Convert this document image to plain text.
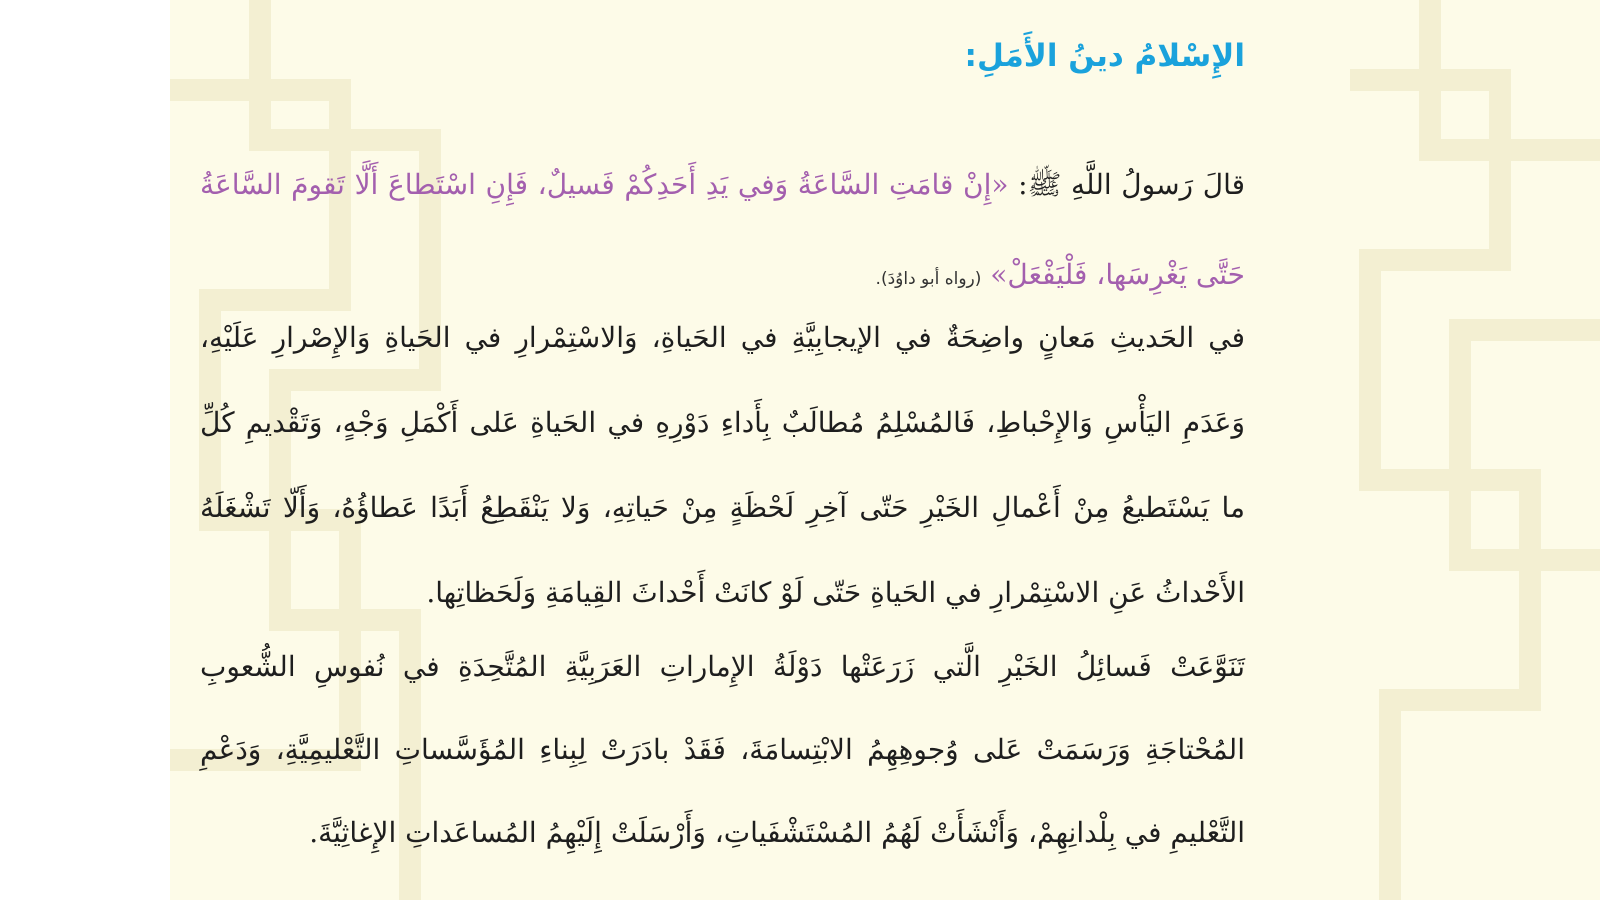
الإِسْلامُ دينُ الأَمَلِ:

قالَ رَسولُ اللَّهِ ﷺ: «إِنْ قامَتِ السَّاعَةُ وَفي يَدِ أَحَدِكُمْ فَسيلٌ، فَإِنِ اسْتَطاعَ أَلَّا تَقومَ السَّاعَةُ حَتَّى يَغْرِسَها، فَلْيَفْعَلْ» (رواه أبو داوُدَ).

في الحَديثِ مَعانٍ واضِحَةٌ في الإيجابِيَّةِ في الحَياةِ، وَالاسْتِمْرارِ في الحَياةِ وَالإِصْرارِ عَلَيْهِ، وَعَدَمِ اليَأْسِ وَالإِحْباطِ، فَالمُسْلِمُ مُطالَبٌ بِأَداءِ دَوْرِهِ في الحَياةِ عَلى أَكْمَلِ وَجْهٍ، وَتَقْديمِ كُلِّ ما يَسْتَطيعُ مِنْ أَعْمالِ الخَيْرِ حَتّى آخِرِ لَحْظَةٍ مِنْ حَياتِهِ، وَلا يَنْقَطِعُ أَبَدًا عَطاؤُهُ، وَأَلّا تَشْغَلَهُ الأَحْداثُ عَنِ الاسْتِمْرارِ في الحَياةِ حَتّى لَوْ كانَتْ أَحْداثَ القِيامَةِ وَلَحَظاتِها.

تَنَوَّعَتْ فَسائِلُ الخَيْرِ الَّتي زَرَعَتْها دَوْلَةُ الإِماراتِ العَرَبِيَّةِ المُتَّحِدَةِ في نُفوسِ الشُّعوبِ المُحْتاجَةِ وَرَسَمَتْ عَلى وُجوهِهِمُ الابْتِسامَةَ، فَقَدْ بادَرَتْ لِبِناءِ المُؤَسَّساتِ التَّعْليمِيَّةِ، وَدَعْمِ التَّعْليمِ في بِلْدانِهِمْ، وَأَنْشَأَتْ لَهُمُ المُسْتَشْفَياتِ، وَأَرْسَلَتْ إِلَيْهِمُ المُساعَداتِ الإِغاثِيَّةَ.
